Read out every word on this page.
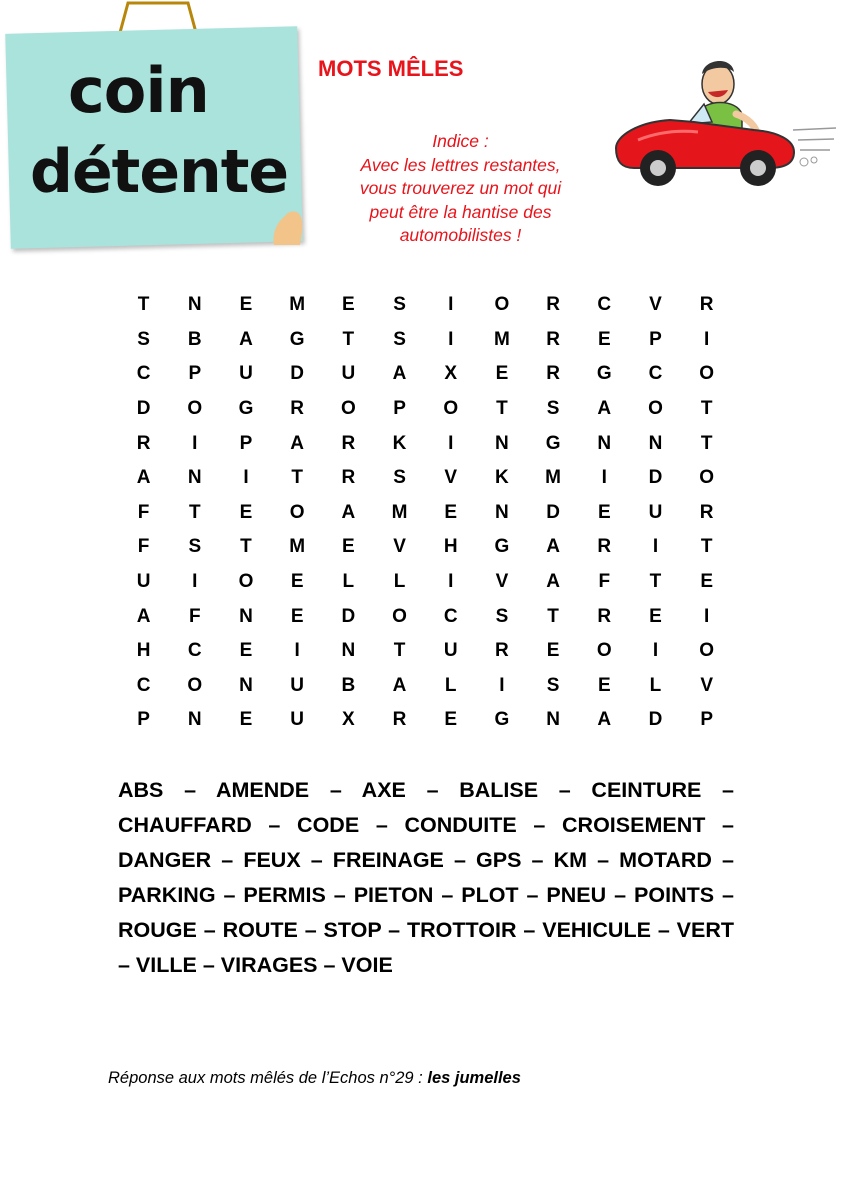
coin
détente
MOTS MÊLES
Indice :
Avec les lettres restantes,
vous trouverez un mot qui
peut être la hantise des
automobilistes !
T	N	E	M	E	S	I	O	R	C	V	R
S	B	A	G	T	S	I	M	R	E	P	I
C	P	U	D	U	A	X	E	R	G	C	O
D	O	G	R	O	P	O	T	S	A	O	T
R	I	P	A	R	K	I	N	G	N	N	T
A	N	I	T	R	S	V	K	M	I	D	O
F	T	E	O	A	M	E	N	D	E	U	R
F	S	T	M	E	V	H	G	A	R	I	T
U	I	O	E	L	L	I	V	A	F	T	E
A	F	N	E	D	O	C	S	T	R	E	I
H	C	E	I	N	T	U	R	E	O	I	O
C	O	N	U	B	A	L	I	S	E	L	V
P	N	E	U	X	R	E	G	N	A	D	P
ABS – AMENDE – AXE – BALISE – CEINTURE – CHAUFFARD – CODE – CONDUITE – CROISEMENT – DANGER – FEUX – FREINAGE – GPS – KM – MOTARD – PARKING – PERMIS – PIETON – PLOT – PNEU – POINTS – ROUGE – ROUTE – STOP – TROTTOIR – VEHICULE – VERT – VILLE – VIRAGES – VOIE
Réponse aux mots mêlés de l’Echos n°29 : les jumelles
